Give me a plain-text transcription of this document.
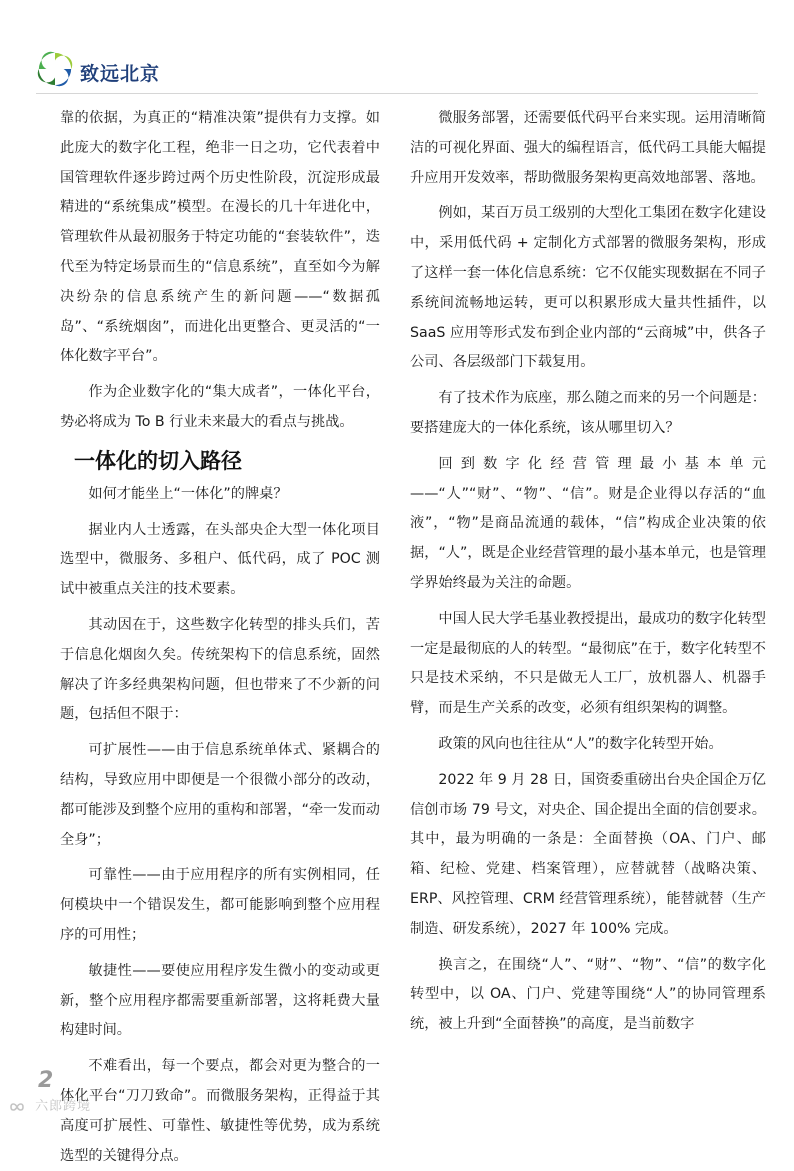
致远北京

靠的依据，为真正的“精准决策”提供有力支撑。如此庞大的数字化工程，绝非一日之功，它代表着中国管理软件逐步跨过两个历史性阶段，沉淀形成最精进的“系统集成”模型。在漫长的几十年进化中，管理软件从最初服务于特定功能的“套装软件”，迭代至为特定场景而生的“信息系统”，直至如今为解决纷杂的信息系统产生的新问题——“数据孤岛”、“系统烟囱”，而进化出更整合、更灵活的“一体化数字平台”。

作为企业数字化的“集大成者”，一体化平台，势必将成为 To B 行业未来最大的看点与挑战。

一体化的切入路径

如何才能坐上“一体化”的牌桌？

据业内人士透露，在头部央企大型一体化项目选型中，微服务、多租户、低代码，成了 POC 测试中被重点关注的技术要素。

其动因在于，这些数字化转型的排头兵们，苦于信息化烟囱久矣。传统架构下的信息系统，固然解决了许多经典架构问题，但也带来了不少新的问题，包括但不限于：

可扩展性——由于信息系统单体式、紧耦合的结构，导致应用中即便是一个很微小部分的改动，都可能涉及到整个应用的重构和部署，“牵一发而动全身”；

可靠性——由于应用程序的所有实例相同，任何模块中一个错误发生，都可能影响到整个应用程序的可用性；

敏捷性——要使应用程序发生微小的变动或更新，整个应用程序都需要重新部署，这将耗费大量构建时间。

不难看出，每一个要点，都会对更为整合的一体化平台“刀刀致命”。而微服务架构，正得益于其高度可扩展性、可靠性、敏捷性等优势，成为系统选型的关键得分点。

微服务部署，还需要低代码平台来实现。运用清晰简洁的可视化界面、强大的编程语言，低代码工具能大幅提升应用开发效率，帮助微服务架构更高效地部署、落地。

例如，某百万员工级别的大型化工集团在数字化建设中，采用低代码 + 定制化方式部署的微服务架构，形成了这样一套一体化信息系统：它不仅能实现数据在不同子系统间流畅地运转，更可以积累形成大量共性插件，以 SaaS 应用等形式发布到企业内部的“云商城”中，供各子公司、各层级部门下载复用。

有了技术作为底座，那么随之而来的另一个问题是：要搭建庞大的一体化系统，该从哪里切入？

回到数字化经营管理最小基本单元——“人”“财”、“物”、“信”。财是企业得以存活的“血液”，“物”是商品流通的载体，“信”构成企业决策的依据，“人”，既是企业经营管理的最小基本单元，也是管理学界始终最为关注的命题。

中国人民大学毛基业教授提出，最成功的数字化转型一定是最彻底的人的转型。“最彻底”在于，数字化转型不只是技术采纳，不只是做无人工厂，放机器人、机器手臂，而是生产关系的改变，必须有组织架构的调整。

政策的风向也往往从“人”的数字化转型开始。

2022 年 9 月 28 日，国资委重磅出台央企国企万亿信创市场 79 号文，对央企、国企提出全面的信创要求。其中，最为明确的一条是：全面替换（OA、门户、邮箱、纪检、党建、档案管理），应替就替（战略决策、ERP、风控管理、CRM 经营管理系统），能替就替（生产制造、研发系统），2027 年 100% 完成。

换言之，在围绕“人”、“财”、“物”、“信”的数字化转型中，以 OA、门户、党建等围绕“人”的协同管理系统，被上升到“全面替换”的高度，是当前数字

2
六郎跨境
